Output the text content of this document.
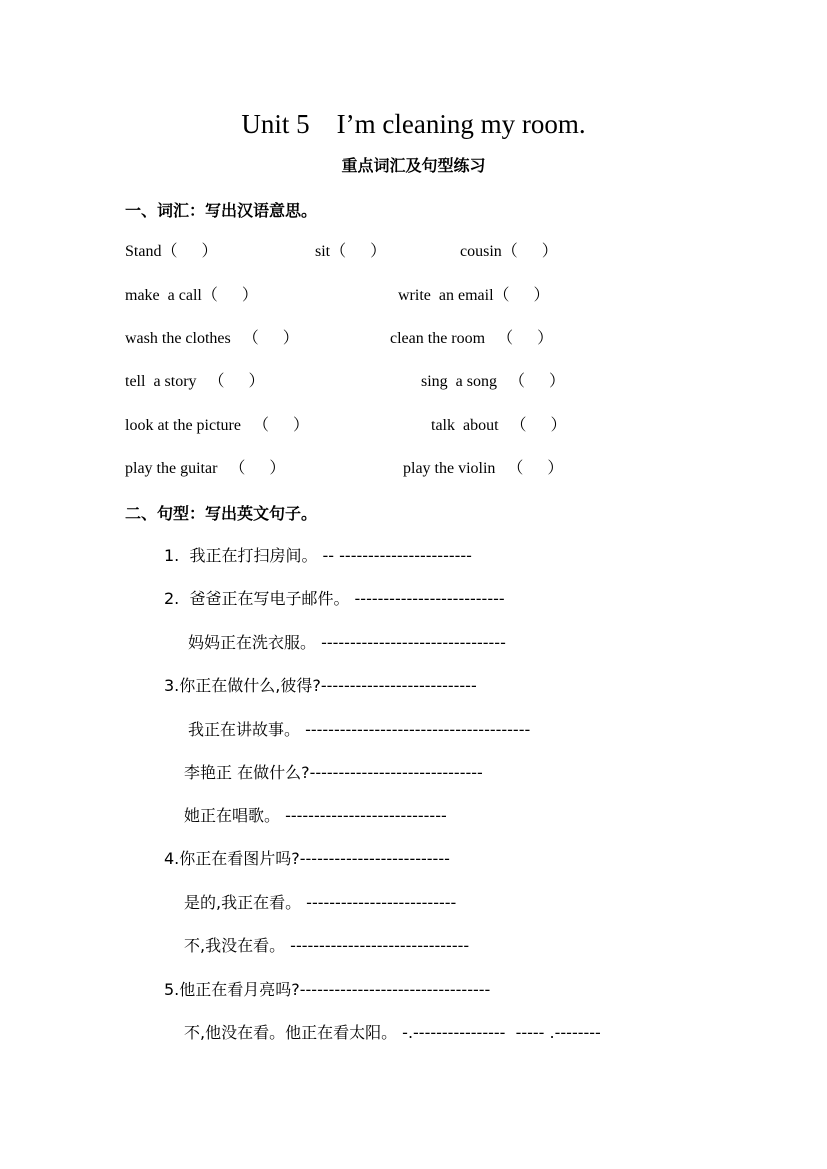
Unit 5    I’m cleaning my room.
重点词汇及句型练习
一、词汇：写出汉语意思。
Stand（      ）	sit（      ）	cousin（      ）
make  a call（      ）	write  an email（      ）
wash the clothes   （      ）	clean the room   （      ）
tell  a story   （      ）	sing  a song   （      ）
look at the picture   （      ）	talk  about   （      ）
play the guitar   （      ）	play the violin   （      ）
二、句型：写出英文句子。
1.  我正在打扫房间。 -- -----------------------
2.  爸爸正在写电子邮件。 --------------------------
妈妈正在洗衣服。 --------------------------------
3.你正在做什么,彼得?---------------------------
我正在讲故事。 ---------------------------------------
李艳正 在做什么?------------------------------
她正在唱歌。 ----------------------------
4.你正在看图片吗?--------------------------
是的,我正在看。 --------------------------
不,我没在看。 -------------------------------
5.他正在看月亮吗?---------------------------------
不,他没在看。他正在看太阳。 -.----------------  ----- .--------
